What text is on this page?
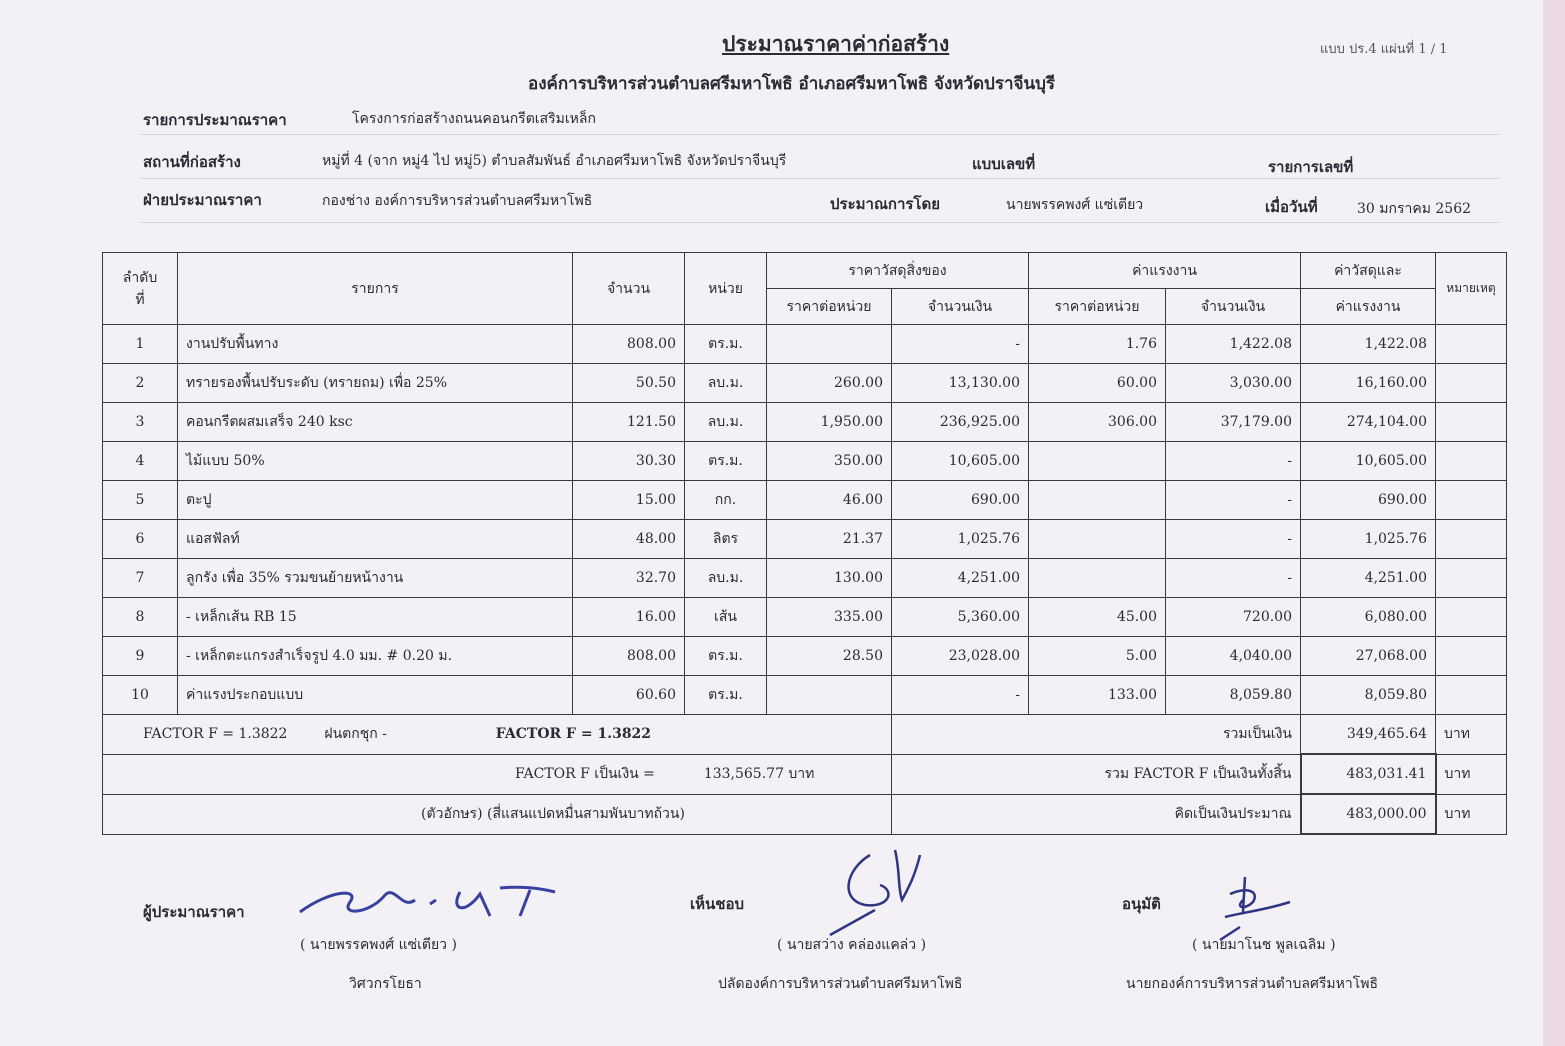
ประมาณราคาค่าก่อสร้าง	แบบ ปร.4 แผ่นที่ 1 / 1
องค์การบริหารส่วนตำบลศรีมหาโพธิ อำเภอศรีมหาโพธิ จังหวัดปราจีนบุรี
รายการประมาณราคา	โครงการก่อสร้างถนนคอนกรีตเสริมเหล็ก
สถานที่ก่อสร้าง	หมู่ที่ 4 (จาก หมู่4 ไป หมู่5) ตำบลสัมพันธ์ อำเภอศรีมหาโพธิ จังหวัดปราจีนบุรี	แบบเลขที่	รายการเลขที่
ฝ่ายประมาณราคา	กองช่าง องค์การบริหารส่วนตำบลศรีมหาโพธิ	ประมาณการโดย	นายพรรคพงศ์ แซ่เตียว	เมื่อวันที่	30 มกราคม 2562
ลำดับ
ที่	รายการ	จำนวน	หน่วย	ราคาวัสดุสิ่งของ		ค่าแรงงาน		ค่าวัสดุและ	หมายเหตุ
				ราคาต่อหน่วย	จำนวนเงิน	ราคาต่อหน่วย	จำนวนเงิน	ค่าแรงงาน	
1	งานปรับพื้นทาง	808.00	ตร.ม.		-	1.76	1,422.08	1,422.08	
2	ทรายรองพื้นปรับระดับ (ทรายถม) เพื่อ 25%	50.50	ลบ.ม.	260.00	13,130.00	60.00	3,030.00	16,160.00	
3	คอนกรีตผสมเสร็จ 240 ksc	121.50	ลบ.ม.	1,950.00	236,925.00	306.00	37,179.00	274,104.00	
4	ไม้แบบ 50%	30.30	ตร.ม.	350.00	10,605.00		-	10,605.00	
5	ตะปู	15.00	กก.	46.00	690.00		-	690.00	
6	แอสฟัลท์	48.00	ลิตร	21.37	1,025.76		-	1,025.76	
7	ลูกรัง เพื่อ 35% รวมขนย้ายหน้างาน	32.70	ลบ.ม.	130.00	4,251.00		-	4,251.00	
8	- เหล็กเส้น RB 15	16.00	เส้น	335.00	5,360.00	45.00	720.00	6,080.00	
9	- เหล็กตะแกรงสำเร็จรูป 4.0 มม. # 0.20 ม.	808.00	ตร.ม.	28.50	23,028.00	5.00	4,040.00	27,068.00	
10	ค่าแรงประกอบแบบ	60.60	ตร.ม.		-	133.00	8,059.80	8,059.80	
FACTOR F = 1.3822 ฝนตกชุก - FACTOR F = 1.3822					รวมเป็นเงิน			349,465.64	บาท
FACTOR F เป็นเงิน = 133,565.77 บาท					รวม FACTOR F เป็นเงินทั้งสิ้น			483,031.41	บาท
(ตัวอักษร) (สี่แสนแปดหมื่นสามพันบาทถ้วน)					คิดเป็นเงินประมาณ			483,000.00	บาท
ผู้ประมาณราคา
( นายพรรคพงศ์ แซ่เตียว )
วิศวกรโยธา
เห็นชอบ
( นายสว่าง คล่องแคล่ว )
ปลัดองค์การบริหารส่วนตำบลศรีมหาโพธิ
อนุมัติ
( นายมาโนช พูลเฉลิม )
นายกองค์การบริหารส่วนตำบลศรีมหาโพธิ
